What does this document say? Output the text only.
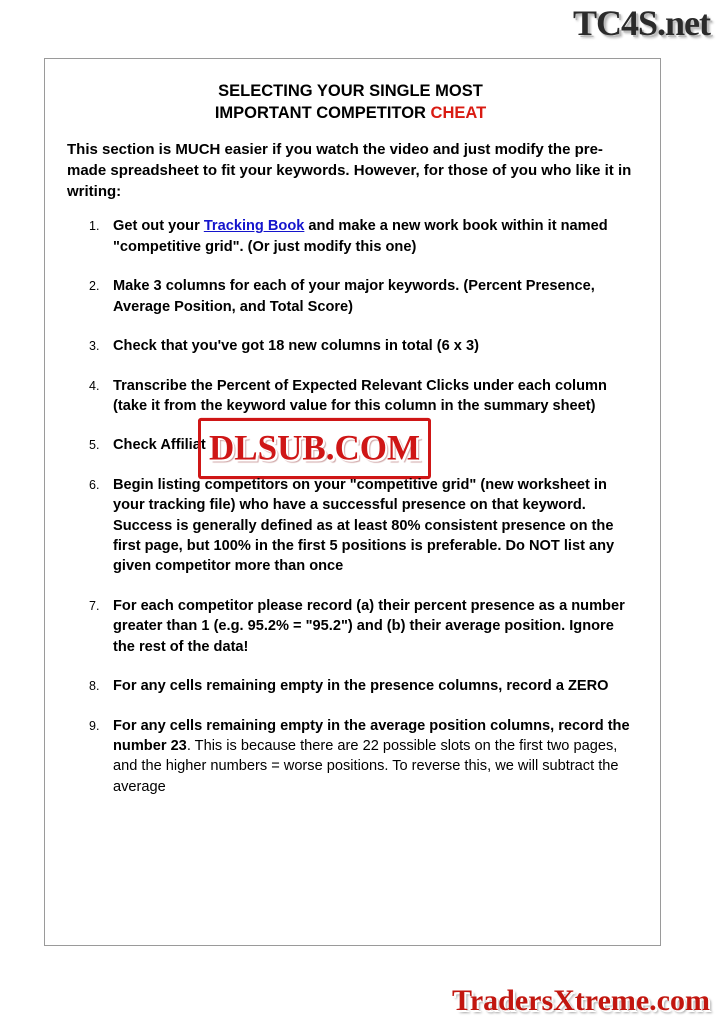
TC4S.net
SELECTING YOUR SINGLE MOST
IMPORTANT COMPETITOR CHEAT

This section is MUCH easier if you watch the video and just modify the pre-made spreadsheet to fit your keywords. However, for those of you who like it in writing:

Get out your Tracking Book and make a new work book within it named "competitive grid". (Or just modify this one)
Make 3 columns for each of your major keywords. (Percent Presence, Average Position, and Total Score)
Check that you've got 18 new columns in total (6 x 3)
Transcribe the Percent of Expected Relevant Clicks under each column (take it from the keyword value for this column in the summary sheet)
Check Affiliat DLSUB.COM
Begin listing competitors on your "competitive grid" (new worksheet in your tracking file) who have a successful presence on that keyword. Success is generally defined as at least 80% consistent presence on the first page, but 100% in the first 5 positions is preferable. Do NOT list any given competitor more than once
For each competitor please record (a) their percent presence as a number greater than 1 (e.g. 95.2% = "95.2") and (b) their average position. Ignore the rest of the data!
For any cells remaining empty in the presence columns, record a ZERO
For any cells remaining empty in the average position columns, record the number 23. This is because there are 22 possible slots on the first two pages, and the higher numbers = worse positions. To reverse this, we will subtract the average
TradersXtreme.com
